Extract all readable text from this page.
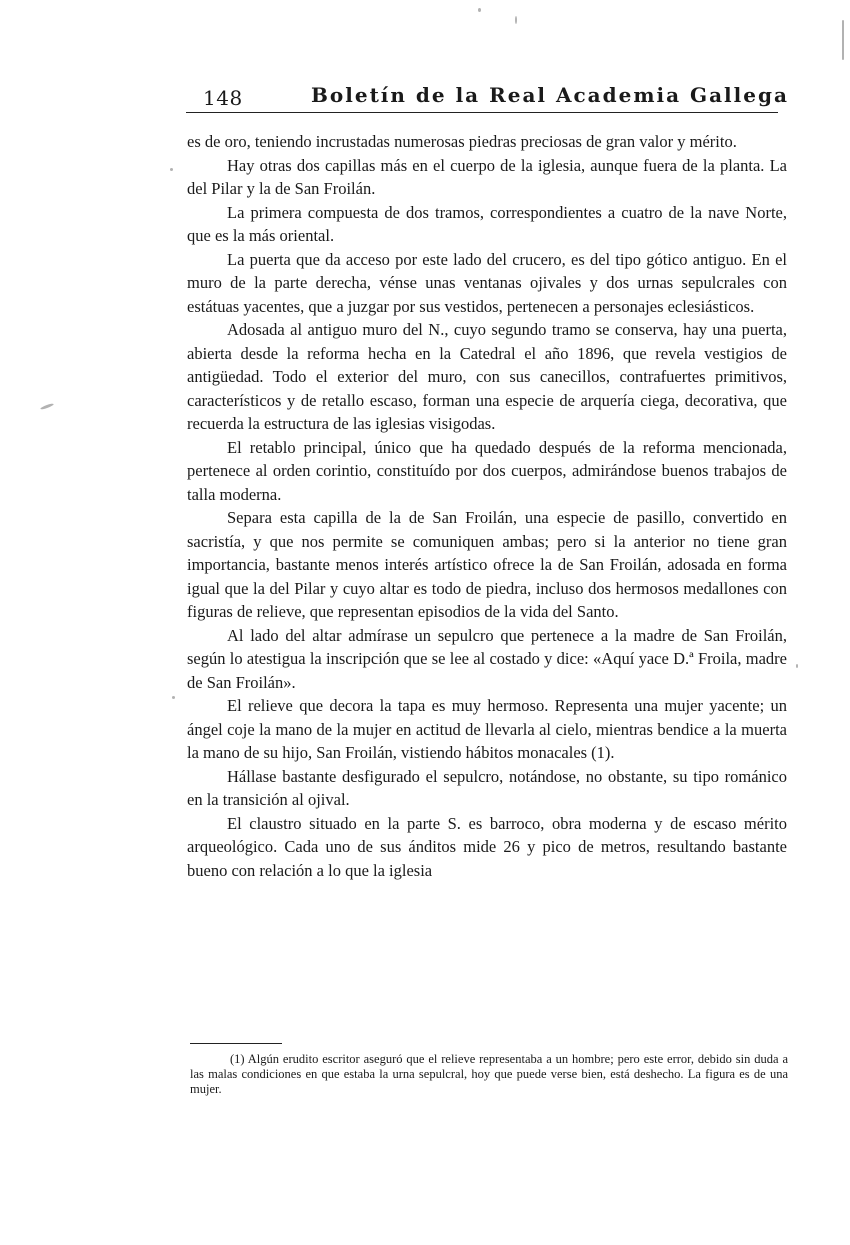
148	Boletín de la Real Academia Gallega

es de oro, teniendo incrustadas numerosas piedras preciosas de gran valor y mérito.

Hay otras dos capillas más en el cuerpo de la iglesia, aunque fuera de la planta. La del Pilar y la de San Froilán.

La primera compuesta de dos tramos, correspondientes a cuatro de la nave Norte, que es la más oriental.

La puerta que da acceso por este lado del crucero, es del tipo gótico antiguo. En el muro de la parte derecha, vénse unas ventanas ojivales y dos urnas sepulcrales con estátuas yacentes, que a juzgar por sus vestidos, pertenecen a personajes eclesiásticos.

Adosada al antiguo muro del N., cuyo segundo tramo se conserva, hay una puerta, abierta desde la reforma hecha en la Catedral el año 1896, que revela vestigios de antigüedad. Todo el exterior del muro, con sus canecillos, contrafuertes primitivos, característicos y de retallo escaso, forman una especie de arquería ciega, decorativa, que recuerda la estructura de las iglesias visigodas.

El retablo principal, único que ha quedado después de la reforma mencionada, pertenece al orden corintio, constituído por dos cuerpos, admirándose buenos trabajos de talla moderna.

Separa esta capilla de la de San Froilán, una especie de pasillo, convertido en sacristía, y que nos permite se comuniquen ambas; pero si la anterior no tiene gran importancia, bastante menos interés artístico ofrece la de San Froilán, adosada en forma igual que la del Pilar y cuyo altar es todo de piedra, incluso dos hermosos medallones con figuras de relieve, que representan episodios de la vida del Santo.

Al lado del altar admírase un sepulcro que pertenece a la madre de San Froilán, según lo atestigua la inscripción que se lee al costado y dice: «Aquí yace D.ª Froila, madre de San Froilán».

El relieve que decora la tapa es muy hermoso. Representa una mujer yacente; un ángel coje la mano de la mujer en actitud de llevarla al cielo, mientras bendice a la muerta la mano de su hijo, San Froilán, vistiendo hábitos monacales (1).

Hállase bastante desfigurado el sepulcro, notándose, no obstante, su tipo románico en la transición al ojival.

El claustro situado en la parte S. es barroco, obra moderna y de escaso mérito arqueológico. Cada uno de sus ánditos mide 26 y pico de metros, resultando bastante bueno con relación a lo que la iglesia

(1) Algún erudito escritor aseguró que el relieve representaba a un hombre; pero este error, debido sin duda a las malas condiciones en que estaba la urna sepulcral, hoy que puede verse bien, está deshecho. La figura es de una mujer.
